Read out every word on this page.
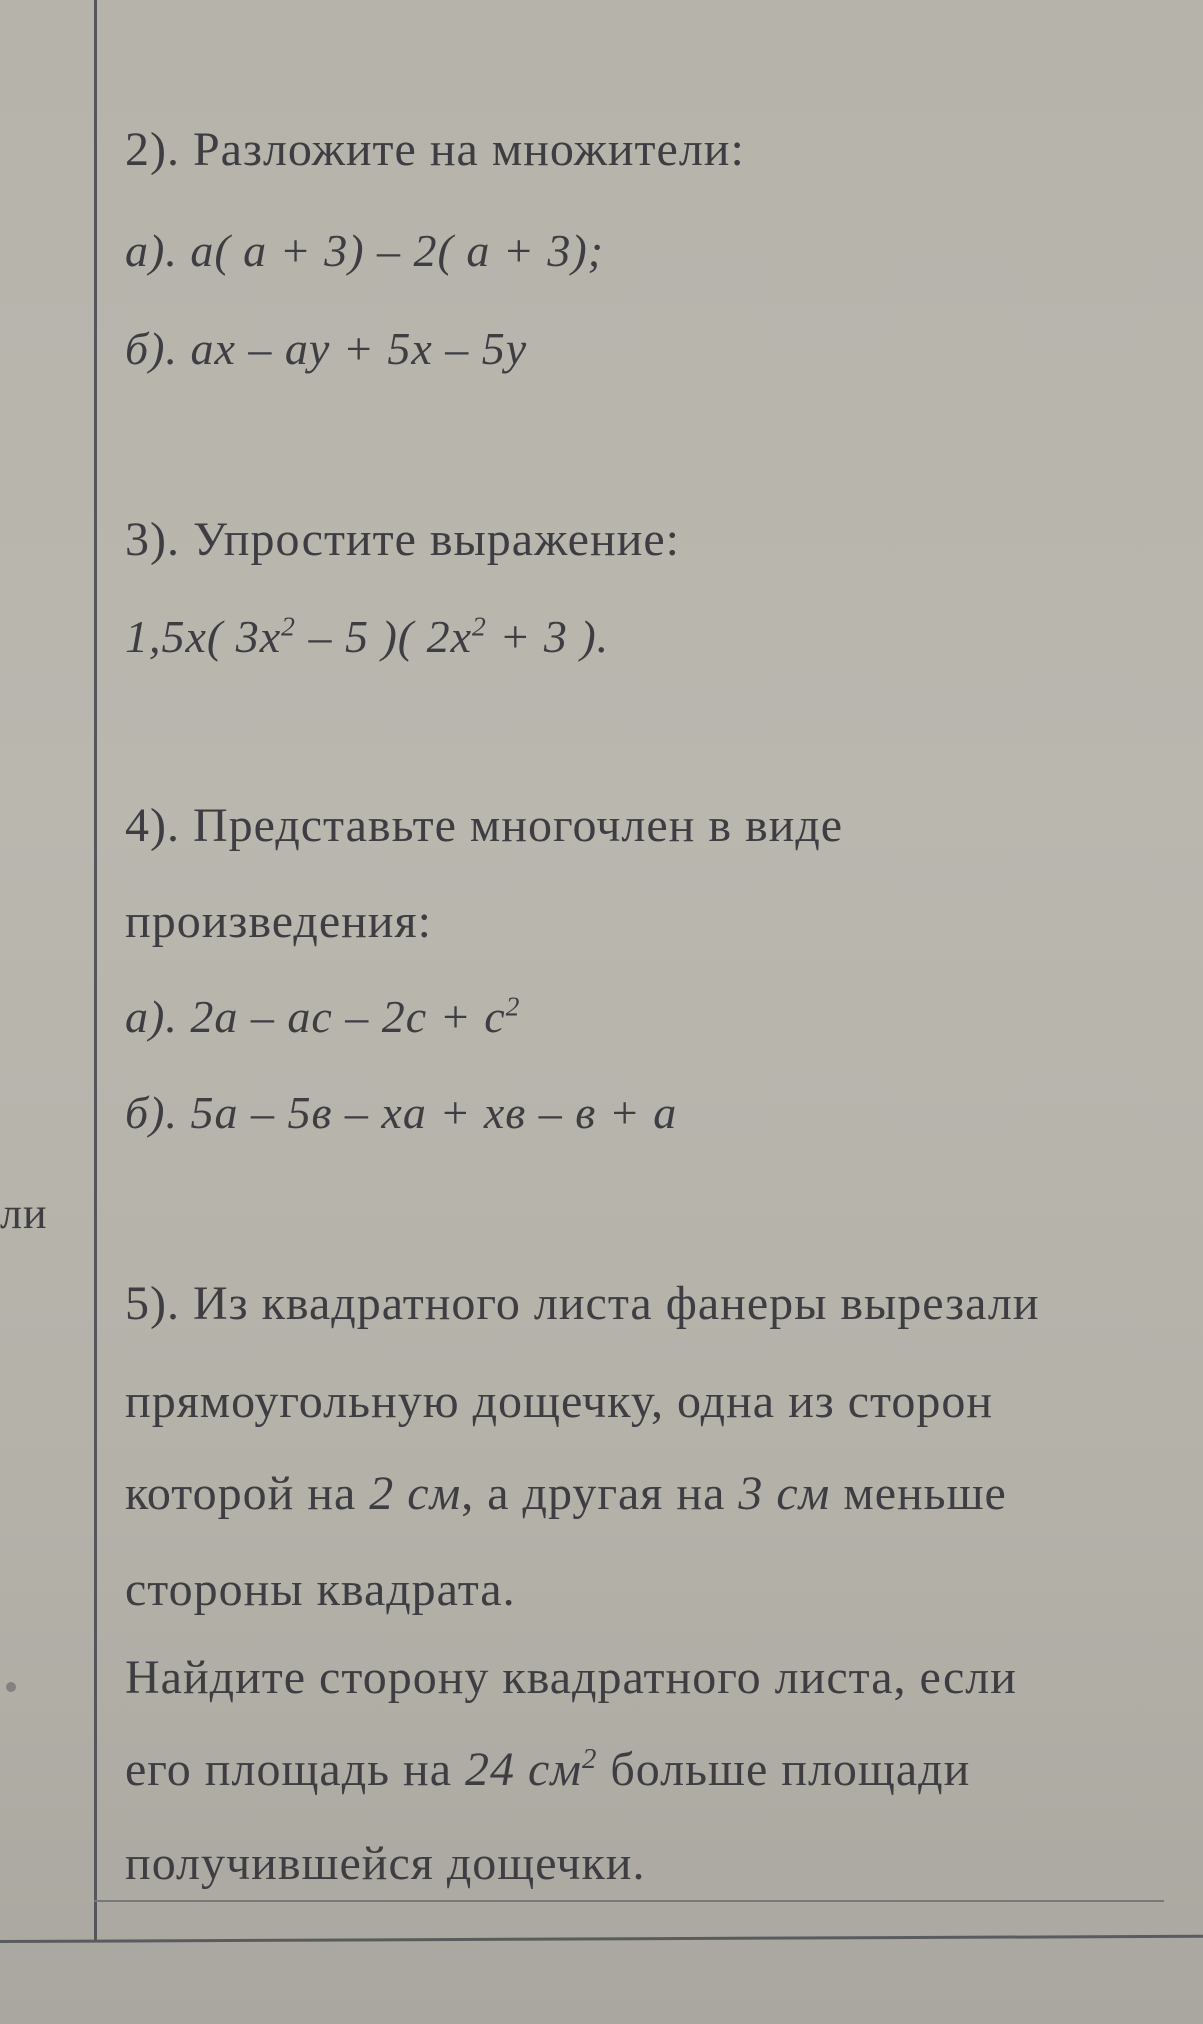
ли
2). Разложите на множители:
а). a( a + 3) – 2( a + 3);
б). ax – ay + 5x – 5y
3). Упростите выражение:
1,5x( $3x^2 - 5$ )( $2x^2 + 3$ ).
4). Представьте многочлен в виде
произведения:
а). 2a – ac – $2c + c^2$
б). 5a – 5в – xa + xв – в + a
5). Из квадратного листа фанеры вырезали
прямоугольную дощечку, одна из сторон
которой на 2 см, а другая на 3 см меньше
стороны квадрата.
Найдите сторону квадратного листа, если
его площадь на 24 $см^2$ больше площади
получившейся дощечки.
